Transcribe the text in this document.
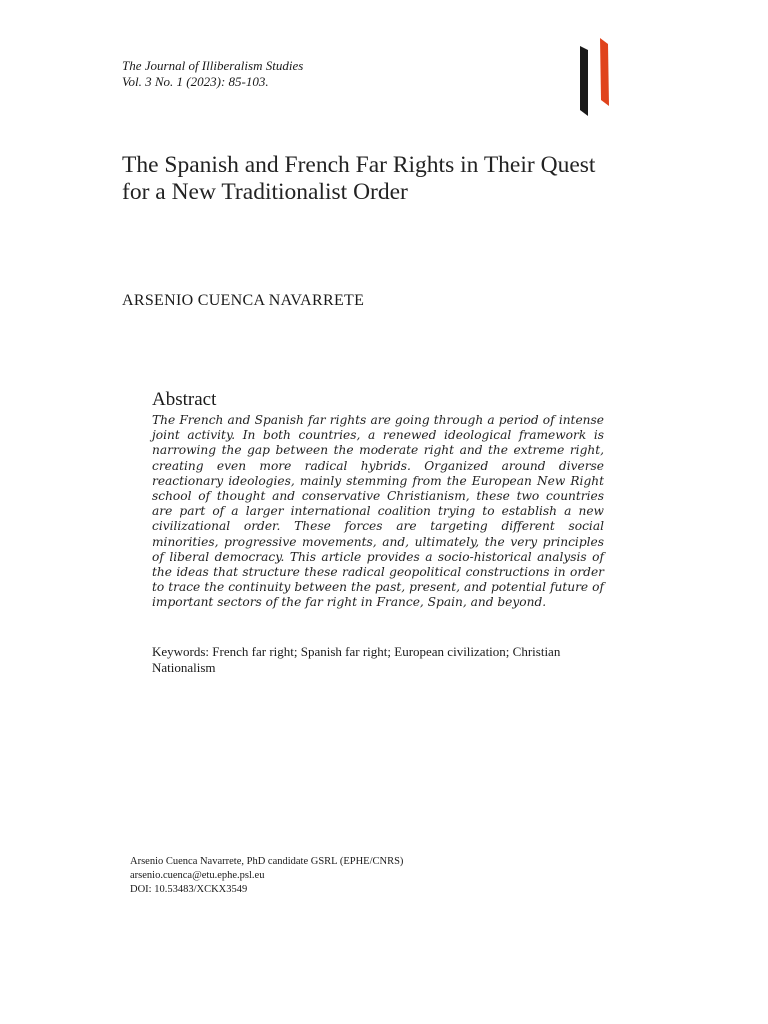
The Journal of Illiberalism Studies
Vol. 3 No. 1 (2023): 85-103.
The Spanish and French Far Rights in Their Quest for a New Traditionalist Order
ARSENIO CUENCA NAVARRETE
Abstract

The French and Spanish far rights are going through a period of intense joint activity. In both countries, a renewed ideological framework is narrowing the gap between the moderate right and the extreme right, creating even more radical hybrids. Organized around diverse reactionary ideologies, mainly stemming from the European New Right school of thought and conservative Christianism, these two countries are part of a larger international coalition trying to establish a new civilizational order. These forces are targeting different social minorities, progressive movements, and, ultimately, the very principles of liberal democracy. This article provides a socio-historical analysis of the ideas that structure these radical geopolitical constructions in order to trace the continuity between the past, present, and potential future of important sectors of the far right in France, Spain, and beyond.

Keywords: French far right; Spanish far right; European civilization; Christian Nationalism
Arsenio Cuenca Navarrete, PhD candidate GSRL (EPHE/CNRS)
arsenio.cuenca@etu.ephe.psl.eu
DOI: 10.53483/XCKX3549
